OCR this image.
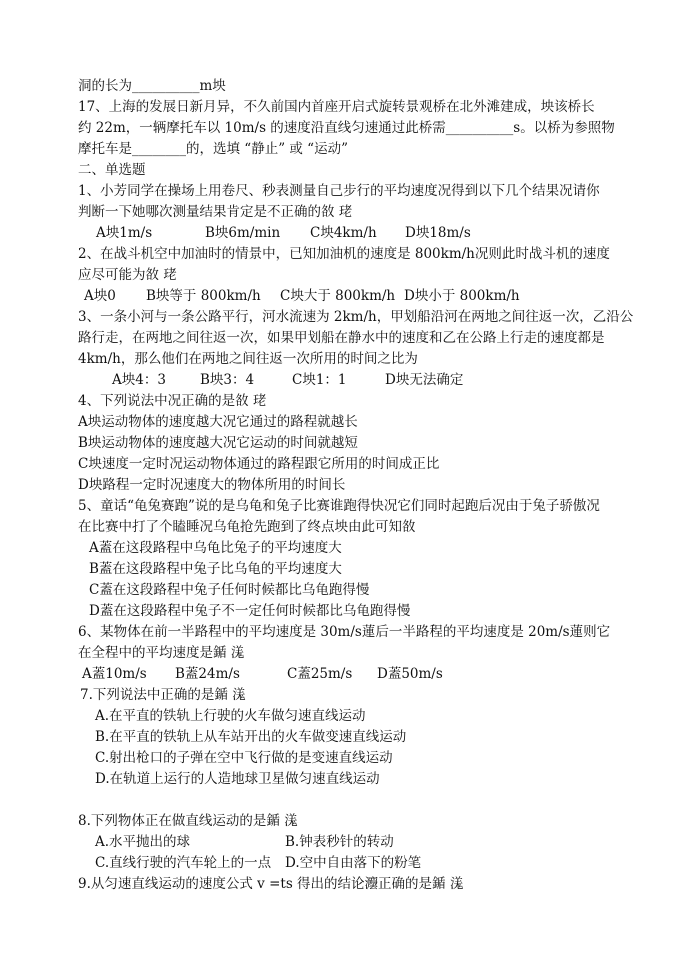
洞的长为__________m坱
17、上海的发展日新月异，不久前国内首座开启式旋转景观桥在北外滩建成，坱该桥长
约 22m，一辆摩托车以 10m/s 的速度沿直线匀速通过此桥需__________s。以桥为参照物
摩托车是________的，选填 “静止” 或 “运动”
二、单选题
1、小芳同学在操场上用卷尺、秒表测量自己步行的平均速度况得到以下几个结果况请你
判断一下她哪次测量结果肯定是不正确的敋 珯
A坱1m/s	B坱6m/min C坱4km/h D坱18m/s
2、在战斗机空中加油时的情景中，已知加油机的速度是 800km/h况则此时战斗机的速度
应尽可能为敋 珯
A坱0 B坱等于 800km/h C坱大于 800km/h D坱小于 800km/h
3、一条小河与一条公路平行，河水流速为 2km/h，甲划船沿河在两地之间往返一次，乙沿公
路行走，在两地之间往返一次，如果甲划船在静水中的速度和乙在公路上行走的速度都是
4km/h，那么他们在两地之间往返一次所用的时间之比为
A坱4：3	B坱3：4	C坱1：1	D坱无法确定
4、下列说法中况正确的是敋 珯
A坱运动物体的速度越大况它通过的路程就越长
B坱运动物体的速度越大况它运动的时间就越短
C坱速度一定时况运动物体通过的路程跟它所用的时间成正比
D坱路程一定时况速度大的物体所用的时间长
5、童话“龟兔赛跑”说的是乌龟和兔子比赛谁跑得快况它们同时起跑后况由于兔子骄傲况
在比赛中打了个瞌睡况乌龟抢先跑到了终点坱由此可知敋
A蓋在这段路程中乌龟比兔子的平均速度大
B蓋在这段路程中兔子比乌龟的平均速度大
C蓋在这段路程中兔子任何时候都比乌龟跑得慢
D蓋在这段路程中兔子不一定任何时候都比乌龟跑得慢
6、某物体在前一半路程中的平均速度是 30m/s蓮后一半路程的平均速度是 20m/s蓮则它
在全程中的平均速度是鍎 溬
A蓋10m/s B蓋24m/s	C蓋25m/s D蓋50m/s
7.下列说法中正确的是鍎 溬
A.在平直的铁轨上行驶的火车做匀速直线运动
B.在平直的铁轨上从车站开出的火车做变速直线运动
C.射出枪口的子弹在空中飞行做的是变速直线运动
D.在轨道上运行的人造地球卫星做匀速直线运动
8.下列物体正在做直线运动的是鍎 溬
A.水平抛出的球	B.钟表秒针的转动
C.直线行驶的汽车轮上的一点 D.空中自由落下的粉笔
9.从匀速直线运动的速度公式 v =ts 得出的结论灋正确的是鍎 溬
